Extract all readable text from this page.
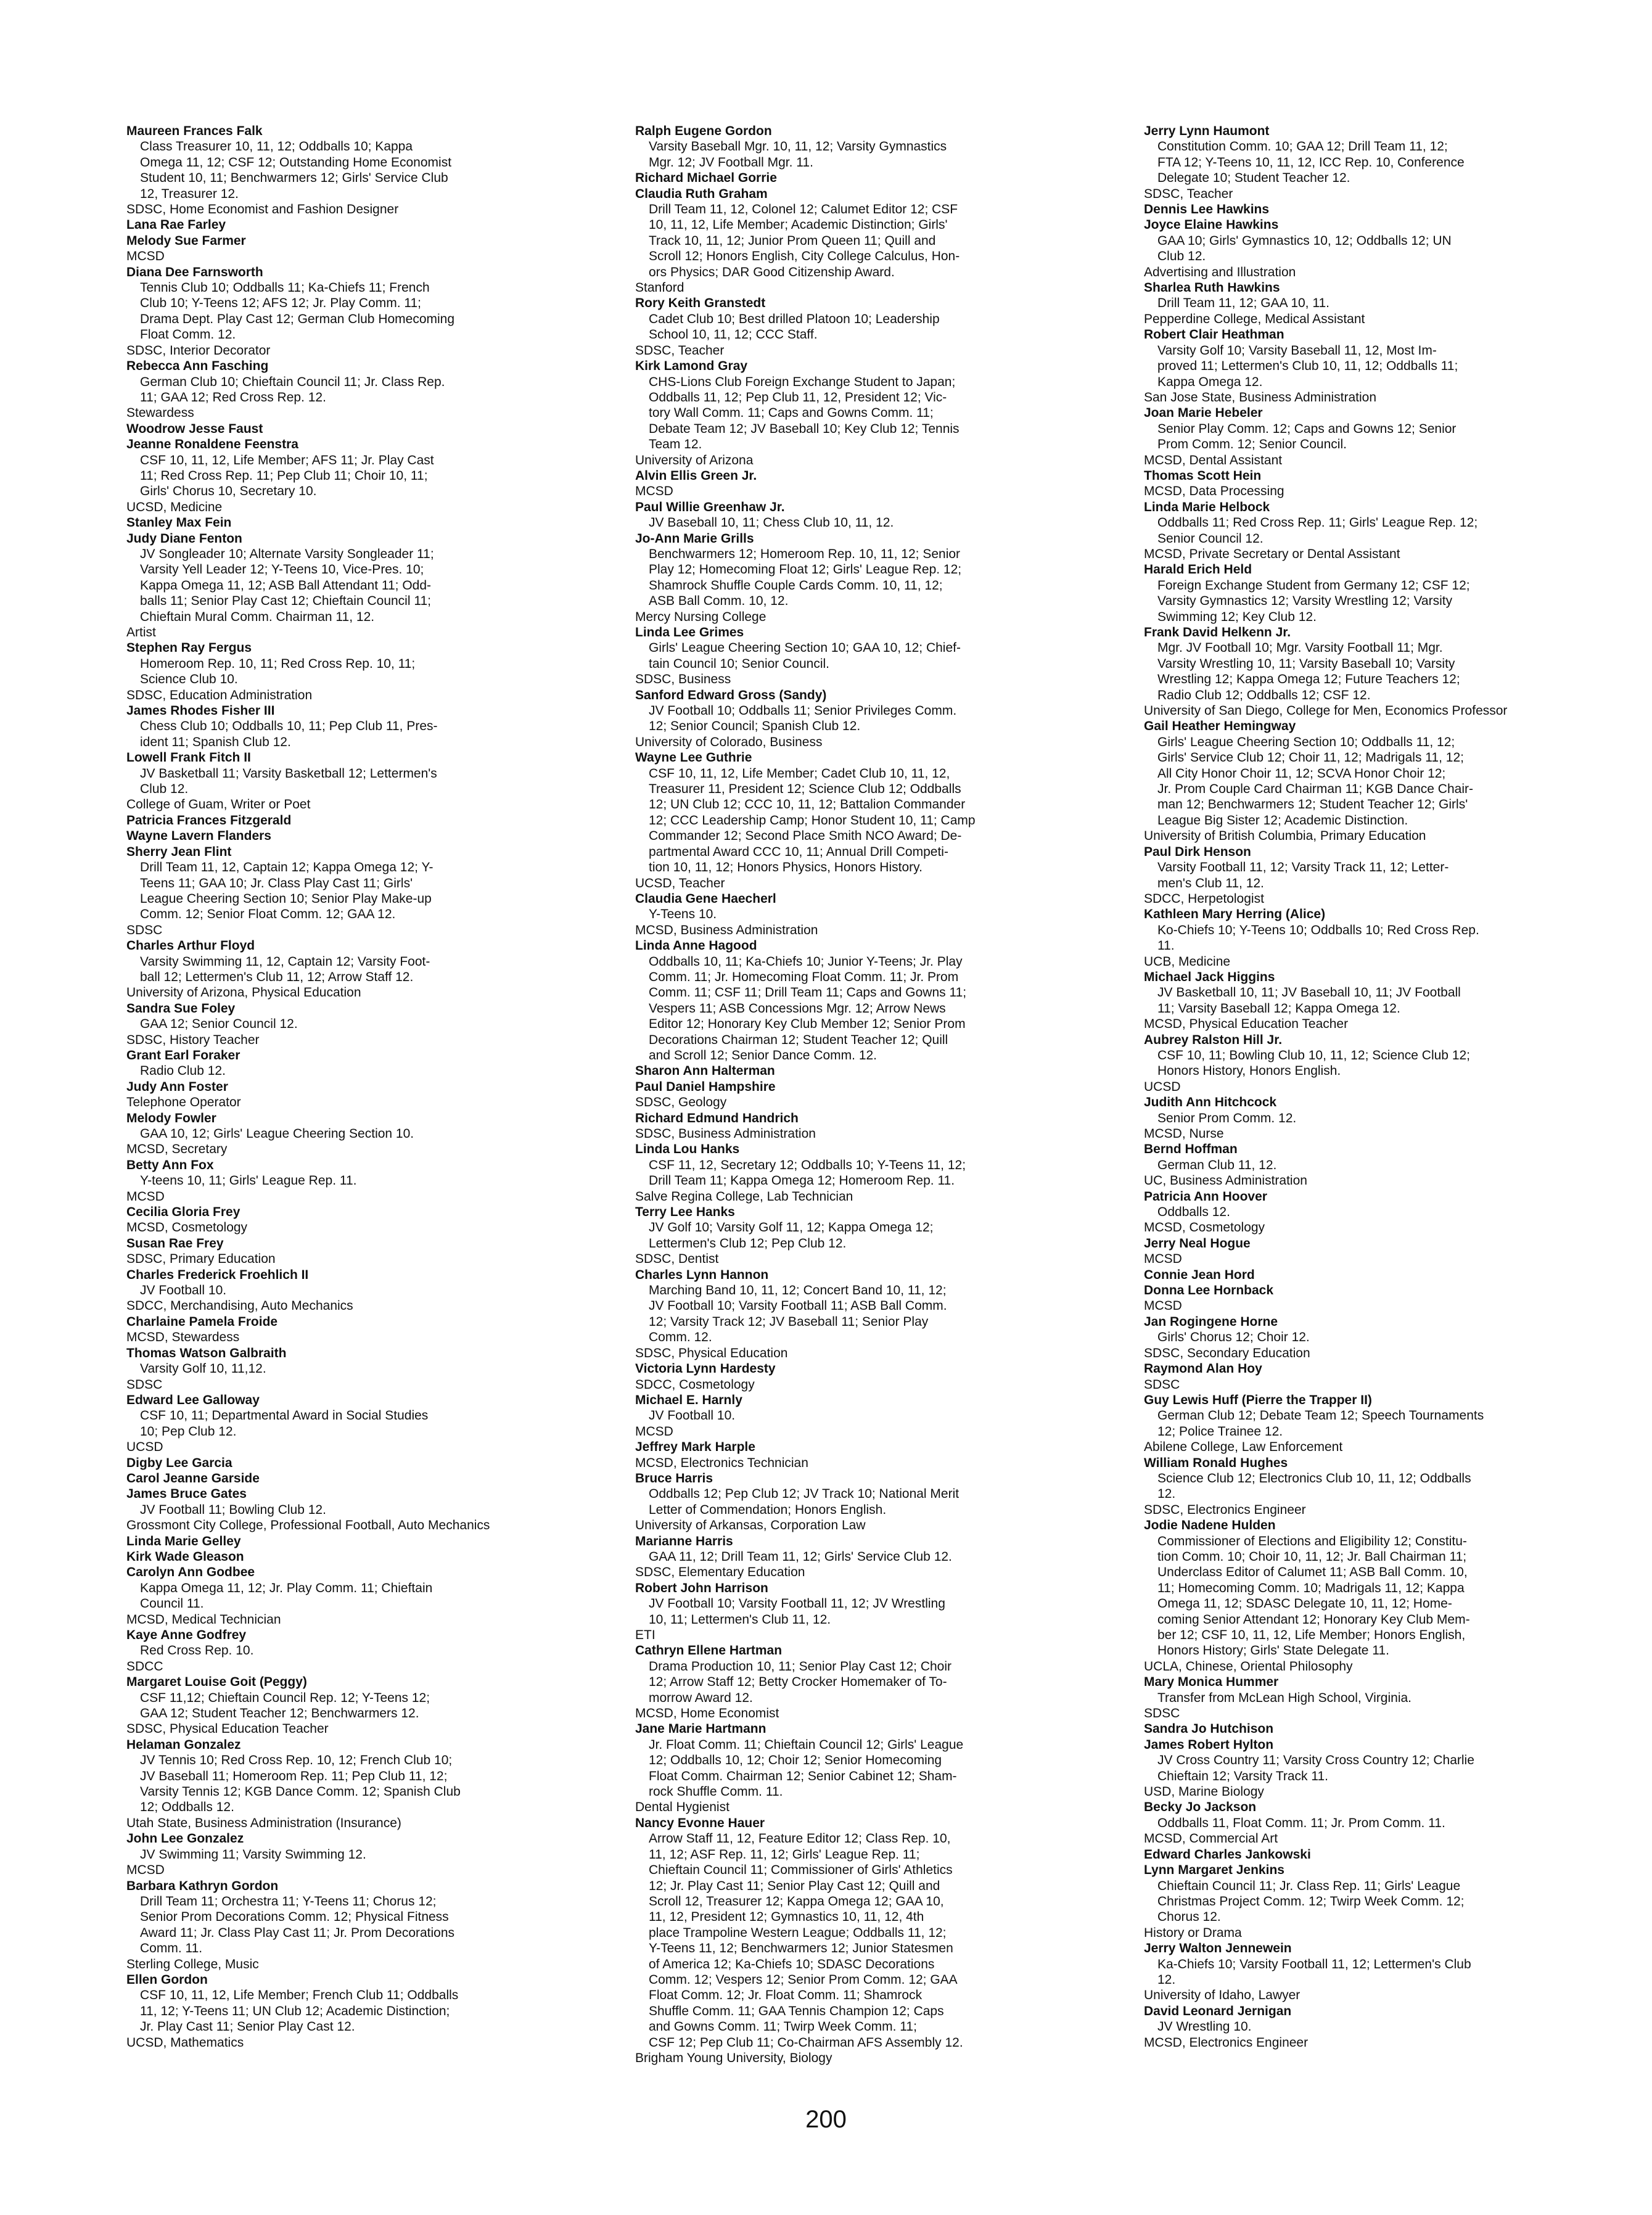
Maureen Frances Falk
Class Treasurer 10, 11, 12; Oddballs 10; Kappa
Omega 11, 12; CSF 12; Outstanding Home Economist
Student 10, 11; Benchwarmers 12; Girls' Service Club
12, Treasurer 12.
SDSC, Home Economist and Fashion Designer
Lana Rae Farley
Melody Sue Farmer
MCSD
Diana Dee Farnsworth
Tennis Club 10; Oddballs 11; Ka-Chiefs 11; French
Club 10; Y-Teens 12; AFS 12; Jr. Play Comm. 11;
Drama Dept. Play Cast 12; German Club Homecoming
Float Comm. 12.
SDSC, Interior Decorator
Rebecca Ann Fasching
German Club 10; Chieftain Council 11; Jr. Class Rep.
11; GAA 12; Red Cross Rep. 12.
Stewardess
Woodrow Jesse Faust
Jeanne Ronaldene Feenstra
CSF 10, 11, 12, Life Member; AFS 11; Jr. Play Cast
11; Red Cross Rep. 11; Pep Club 11; Choir 10, 11;
Girls' Chorus 10, Secretary 10.
UCSD, Medicine
Stanley Max Fein
Judy Diane Fenton
JV Songleader 10; Alternate Varsity Songleader 11;
Varsity Yell Leader 12; Y-Teens 10, Vice-Pres. 10;
Kappa Omega 11, 12; ASB Ball Attendant 11; Odd-
balls 11; Senior Play Cast 12; Chieftain Council 11;
Chieftain Mural Comm. Chairman 11, 12.
Artist
Stephen Ray Fergus
Homeroom Rep. 10, 11; Red Cross Rep. 10, 11;
Science Club 10.
SDSC, Education Administration
James Rhodes Fisher III
Chess Club 10; Oddballs 10, 11; Pep Club 11, Pres-
ident 11; Spanish Club 12.
Lowell Frank Fitch II
JV Basketball 11; Varsity Basketball 12; Lettermen's
Club 12.
College of Guam, Writer or Poet
Patricia Frances Fitzgerald
Wayne Lavern Flanders
Sherry Jean Flint
Drill Team 11, 12, Captain 12; Kappa Omega 12; Y-
Teens 11; GAA 10; Jr. Class Play Cast 11; Girls'
League Cheering Section 10; Senior Play Make-up
Comm. 12; Senior Float Comm. 12; GAA 12.
SDSC
Charles Arthur Floyd
Varsity Swimming 11, 12, Captain 12; Varsity Foot-
ball 12; Lettermen's Club 11, 12; Arrow Staff 12.
University of Arizona, Physical Education
Sandra Sue Foley
GAA 12; Senior Council 12.
SDSC, History Teacher
Grant Earl Foraker
Radio Club 12.
Judy Ann Foster
Telephone Operator
Melody Fowler
GAA 10, 12; Girls' League Cheering Section 10.
MCSD, Secretary
Betty Ann Fox
Y-teens 10, 11; Girls' League Rep. 11.
MCSD
Cecilia Gloria Frey
MCSD, Cosmetology
Susan Rae Frey
SDSC, Primary Education
Charles Frederick Froehlich II
JV Football 10.
SDCC, Merchandising, Auto Mechanics
Charlaine Pamela Froide
MCSD, Stewardess
Thomas Watson Galbraith
Varsity Golf 10, 11,12.
SDSC
Edward Lee Galloway
CSF 10, 11; Departmental Award in Social Studies
10; Pep Club 12.
UCSD
Digby Lee Garcia
Carol Jeanne Garside
James Bruce Gates
JV Football 11; Bowling Club 12.
Grossmont City College, Professional Football, Auto Mechanics
Linda Marie Gelley
Kirk Wade Gleason
Carolyn Ann Godbee
Kappa Omega 11, 12; Jr. Play Comm. 11; Chieftain
Council 11.
MCSD, Medical Technician
Kaye Anne Godfrey
Red Cross Rep. 10.
SDCC
Margaret Louise Goit (Peggy)
CSF 11,12; Chieftain Council Rep. 12; Y-Teens 12;
GAA 12; Student Teacher 12; Benchwarmers 12.
SDSC, Physical Education Teacher
Helaman Gonzalez
JV Tennis 10; Red Cross Rep. 10, 12; French Club 10;
JV Baseball 11; Homeroom Rep. 11; Pep Club 11, 12;
Varsity Tennis 12; KGB Dance Comm. 12; Spanish Club
12; Oddballs 12.
Utah State, Business Administration (Insurance)
John Lee Gonzalez
JV Swimming 11; Varsity Swimming 12.
MCSD
Barbara Kathryn Gordon
Drill Team 11; Orchestra 11; Y-Teens 11; Chorus 12;
Senior Prom Decorations Comm. 12; Physical Fitness
Award 11; Jr. Class Play Cast 11; Jr. Prom Decorations
Comm. 11.
Sterling College, Music
Ellen Gordon
CSF 10, 11, 12, Life Member; French Club 11; Oddballs
11, 12; Y-Teens 11; UN Club 12; Academic Distinction;
Jr. Play Cast 11; Senior Play Cast 12.
UCSD, Mathematics
Ralph Eugene Gordon
Varsity Baseball Mgr. 10, 11, 12; Varsity Gymnastics
Mgr. 12; JV Football Mgr. 11.
Richard Michael Gorrie
Claudia Ruth Graham
Drill Team 11, 12, Colonel 12; Calumet Editor 12; CSF
10, 11, 12, Life Member; Academic Distinction; Girls'
Track 10, 11, 12; Junior Prom Queen 11; Quill and
Scroll 12; Honors English, City College Calculus, Hon-
ors Physics; DAR Good Citizenship Award.
Stanford
Rory Keith Granstedt
Cadet Club 10; Best drilled Platoon 10; Leadership
School 10, 11, 12; CCC Staff.
SDSC, Teacher
Kirk Lamond Gray
CHS-Lions Club Foreign Exchange Student to Japan;
Oddballs 11, 12; Pep Club 11, 12, President 12; Vic-
tory Wall Comm. 11; Caps and Gowns Comm. 11;
Debate Team 12; JV Baseball 10; Key Club 12; Tennis
Team 12.
University of Arizona
Alvin Ellis Green Jr.
MCSD
Paul Willie Greenhaw Jr.
JV Baseball 10, 11; Chess Club 10, 11, 12.
Jo-Ann Marie Grills
Benchwarmers 12; Homeroom Rep. 10, 11, 12; Senior
Play 12; Homecoming Float 12; Girls' League Rep. 12;
Shamrock Shuffle Couple Cards Comm. 10, 11, 12;
ASB Ball Comm. 10, 12.
Mercy Nursing College
Linda Lee Grimes
Girls' League Cheering Section 10; GAA 10, 12; Chief-
tain Council 10; Senior Council.
SDSC, Business
Sanford Edward Gross (Sandy)
JV Football 10; Oddballs 11; Senior Privileges Comm.
12; Senior Council; Spanish Club 12.
University of Colorado, Business
Wayne Lee Guthrie
CSF 10, 11, 12, Life Member; Cadet Club 10, 11, 12,
Treasurer 11, President 12; Science Club 12; Oddballs
12; UN Club 12; CCC 10, 11, 12; Battalion Commander
12; CCC Leadership Camp; Honor Student 10, 11; Camp
Commander 12; Second Place Smith NCO Award; De-
partmental Award CCC 10, 11; Annual Drill Competi-
tion 10, 11, 12; Honors Physics, Honors History.
UCSD, Teacher
Claudia Gene Haecherl
Y-Teens 10.
MCSD, Business Administration
Linda Anne Hagood
Oddballs 10, 11; Ka-Chiefs 10; Junior Y-Teens; Jr. Play
Comm. 11; Jr. Homecoming Float Comm. 11; Jr. Prom
Comm. 11; CSF 11; Drill Team 11; Caps and Gowns 11;
Vespers 11; ASB Concessions Mgr. 12; Arrow News
Editor 12; Honorary Key Club Member 12; Senior Prom
Decorations Chairman 12; Student Teacher 12; Quill
and Scroll 12; Senior Dance Comm. 12.
Sharon Ann Halterman
Paul Daniel Hampshire
SDSC, Geology
Richard Edmund Handrich
SDSC, Business Administration
Linda Lou Hanks
CSF 11, 12, Secretary 12; Oddballs 10; Y-Teens 11, 12;
Drill Team 11; Kappa Omega 12; Homeroom Rep. 11.
Salve Regina College, Lab Technician
Terry Lee Hanks
JV Golf 10; Varsity Golf 11, 12; Kappa Omega 12;
Lettermen's Club 12; Pep Club 12.
SDSC, Dentist
Charles Lynn Hannon
Marching Band 10, 11, 12; Concert Band 10, 11, 12;
JV Football 10; Varsity Football 11; ASB Ball Comm.
12; Varsity Track 12; JV Baseball 11; Senior Play
Comm. 12.
SDSC, Physical Education
Victoria Lynn Hardesty
SDCC, Cosmetology
Michael E. Harnly
JV Football 10.
MCSD
Jeffrey Mark Harple
MCSD, Electronics Technician
Bruce Harris
Oddballs 12; Pep Club 12; JV Track 10; National Merit
Letter of Commendation; Honors English.
University of Arkansas, Corporation Law
Marianne Harris
GAA 11, 12; Drill Team 11, 12; Girls' Service Club 12.
SDSC, Elementary Education
Robert John Harrison
JV Football 10; Varsity Football 11, 12; JV Wrestling
10, 11; Lettermen's Club 11, 12.
ETI
Cathryn Ellene Hartman
Drama Production 10, 11; Senior Play Cast 12; Choir
12; Arrow Staff 12; Betty Crocker Homemaker of To-
morrow Award 12.
MCSD, Home Economist
Jane Marie Hartmann
Jr. Float Comm. 11; Chieftain Council 12; Girls' League
12; Oddballs 10, 12; Choir 12; Senior Homecoming
Float Comm. Chairman 12; Senior Cabinet 12; Sham-
rock Shuffle Comm. 11.
Dental Hygienist
Nancy Evonne Hauer
Arrow Staff 11, 12, Feature Editor 12; Class Rep. 10,
11, 12; ASF Rep. 11, 12; Girls' League Rep. 11;
Chieftain Council 11; Commissioner of Girls' Athletics
12; Jr. Play Cast 11; Senior Play Cast 12; Quill and
Scroll 12, Treasurer 12; Kappa Omega 12; GAA 10,
11, 12, President 12; Gymnastics 10, 11, 12, 4th
place Trampoline Western League; Oddballs 11, 12;
Y-Teens 11, 12; Benchwarmers 12; Junior Statesmen
of America 12; Ka-Chiefs 10; SDASC Decorations
Comm. 12; Vespers 12; Senior Prom Comm. 12; GAA
Float Comm. 12; Jr. Float Comm. 11; Shamrock
Shuffle Comm. 11; GAA Tennis Champion 12; Caps
and Gowns Comm. 11; Twirp Week Comm. 11;
CSF 12; Pep Club 11; Co-Chairman AFS Assembly 12.
Brigham Young University, Biology
Jerry Lynn Haumont
Constitution Comm. 10; GAA 12; Drill Team 11, 12;
FTA 12; Y-Teens 10, 11, 12, ICC Rep. 10, Conference
Delegate 10; Student Teacher 12.
SDSC, Teacher
Dennis Lee Hawkins
Joyce Elaine Hawkins
GAA 10; Girls' Gymnastics 10, 12; Oddballs 12; UN
Club 12.
Advertising and Illustration
Sharlea Ruth Hawkins
Drill Team 11, 12; GAA 10, 11.
Pepperdine College, Medical Assistant
Robert Clair Heathman
Varsity Golf 10; Varsity Baseball 11, 12, Most Im-
proved 11; Lettermen's Club 10, 11, 12; Oddballs 11;
Kappa Omega 12.
San Jose State, Business Administration
Joan Marie Hebeler
Senior Play Comm. 12; Caps and Gowns 12; Senior
Prom Comm. 12; Senior Council.
MCSD, Dental Assistant
Thomas Scott Hein
MCSD, Data Processing
Linda Marie Helbock
Oddballs 11; Red Cross Rep. 11; Girls' League Rep. 12;
Senior Council 12.
MCSD, Private Secretary or Dental Assistant
Harald Erich Held
Foreign Exchange Student from Germany 12; CSF 12;
Varsity Gymnastics 12; Varsity Wrestling 12; Varsity
Swimming 12; Key Club 12.
Frank David Helkenn Jr.
Mgr. JV Football 10; Mgr. Varsity Football 11; Mgr.
Varsity Wrestling 10, 11; Varsity Baseball 10; Varsity
Wrestling 12; Kappa Omega 12; Future Teachers 12;
Radio Club 12; Oddballs 12; CSF 12.
University of San Diego, College for Men, Economics Professor
Gail Heather Hemingway
Girls' League Cheering Section 10; Oddballs 11, 12;
Girls' Service Club 12; Choir 11, 12; Madrigals 11, 12;
All City Honor Choir 11, 12; SCVA Honor Choir 12;
Jr. Prom Couple Card Chairman 11; KGB Dance Chair-
man 12; Benchwarmers 12; Student Teacher 12; Girls'
League Big Sister 12; Academic Distinction.
University of British Columbia, Primary Education
Paul Dirk Henson
Varsity Football 11, 12; Varsity Track 11, 12; Letter-
men's Club 11, 12.
SDCC, Herpetologist
Kathleen Mary Herring (Alice)
Ko-Chiefs 10; Y-Teens 10; Oddballs 10; Red Cross Rep.
11.
UCB, Medicine
Michael Jack Higgins
JV Basketball 10, 11; JV Baseball 10, 11; JV Football
11; Varsity Baseball 12; Kappa Omega 12.
MCSD, Physical Education Teacher
Aubrey Ralston Hill Jr.
CSF 10, 11; Bowling Club 10, 11, 12; Science Club 12;
Honors History, Honors English.
UCSD
Judith Ann Hitchcock
Senior Prom Comm. 12.
MCSD, Nurse
Bernd Hoffman
German Club 11, 12.
UC, Business Administration
Patricia Ann Hoover
Oddballs 12.
MCSD, Cosmetology
Jerry Neal Hogue
MCSD
Connie Jean Hord
Donna Lee Hornback
MCSD
Jan Rogingene Horne
Girls' Chorus 12; Choir 12.
SDSC, Secondary Education
Raymond Alan Hoy
SDSC
Guy Lewis Huff (Pierre the Trapper II)
German Club 12; Debate Team 12; Speech Tournaments
12; Police Trainee 12.
Abilene College, Law Enforcement
William Ronald Hughes
Science Club 12; Electronics Club 10, 11, 12; Oddballs
12.
SDSC, Electronics Engineer
Jodie Nadene Hulden
Commissioner of Elections and Eligibility 12; Constitu-
tion Comm. 10; Choir 10, 11, 12; Jr. Ball Chairman 11;
Underclass Editor of Calumet 11; ASB Ball Comm. 10,
11; Homecoming Comm. 10; Madrigals 11, 12; Kappa
Omega 11, 12; SDASC Delegate 10, 11, 12; Home-
coming Senior Attendant 12; Honorary Key Club Mem-
ber 12; CSF 10, 11, 12, Life Member; Honors English,
Honors History; Girls' State Delegate 11.
UCLA, Chinese, Oriental Philosophy
Mary Monica Hummer
Transfer from McLean High School, Virginia.
SDSC
Sandra Jo Hutchison
James Robert Hylton
JV Cross Country 11; Varsity Cross Country 12; Charlie
Chieftain 12; Varsity Track 11.
USD, Marine Biology
Becky Jo Jackson
Oddballs 11, Float Comm. 11; Jr. Prom Comm. 11.
MCSD, Commercial Art
Edward Charles Jankowski
Lynn Margaret Jenkins
Chieftain Council 11; Jr. Class Rep. 11; Girls' League
Christmas Project Comm. 12; Twirp Week Comm. 12;
Chorus 12.
History or Drama
Jerry Walton Jennewein
Ka-Chiefs 10; Varsity Football 11, 12; Lettermen's Club
12.
University of Idaho, Lawyer
David Leonard Jernigan
JV Wrestling 10.
MCSD, Electronics Engineer
200
